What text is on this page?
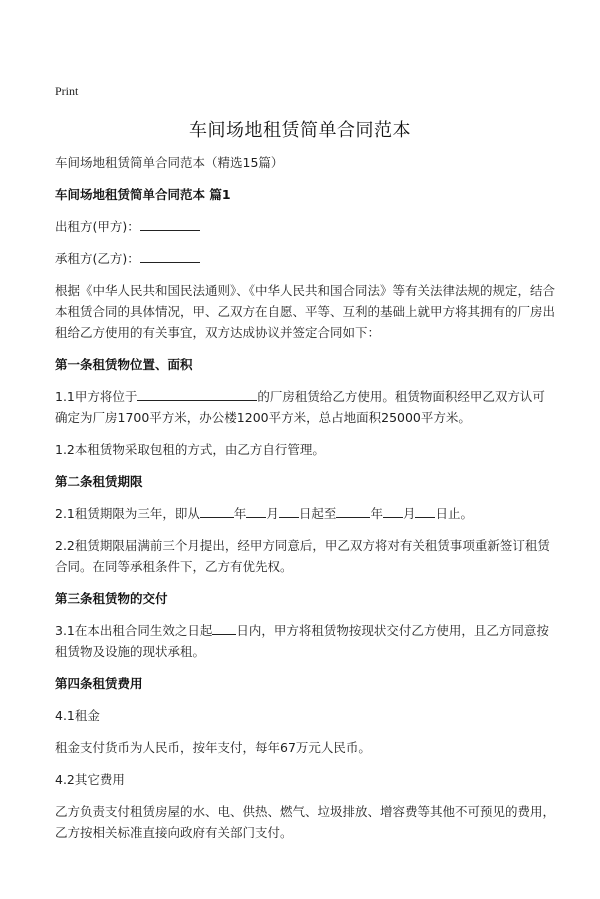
Print
车间场地租赁简单合同范本

车间场地租赁简单合同范本（精选15篇）

车间场地租赁简单合同范本 篇1

出租方(甲方)：

承租方(乙方)：

根据《中华人民共和国民法通则》、《中华人民共和国合同法》等有关法律法规的规定，结合本租赁合同的具体情况，甲、乙双方在自愿、平等、互利的基础上就甲方将其拥有的厂房出租给乙方使用的有关事宜，双方达成协议并签定合同如下：

第一条租赁物位置、面积

1.1甲方将位于	的厂房租赁给乙方使用。租赁物面积经甲乙双方认可确定为厂房1700平方米，办公楼1200平方米，总占地面积25000平方米。

1.2本租赁物采取包租的方式，由乙方自行管理。

第二条租赁期限

2.1租赁期限为三年，即从	年 月 日起至	年 月 日止。

2.2租赁期限届满前三个月提出，经甲方同意后，甲乙双方将对有关租赁事项重新签订租赁合同。在同等承租条件下，乙方有优先权。

第三条租赁物的交付

3.1在本出租合同生效之日起 日内，甲方将租赁物按现状交付乙方使用，且乙方同意按租赁物及设施的现状承租。

第四条租赁费用

4.1租金

租金支付货币为人民币，按年支付，每年67万元人民币。

4.2其它费用

乙方负责支付租赁房屋的水、电、供热、燃气、垃圾排放、增容费等其他不可预见的费用，乙方按相关标准直接向政府有关部门支付。
